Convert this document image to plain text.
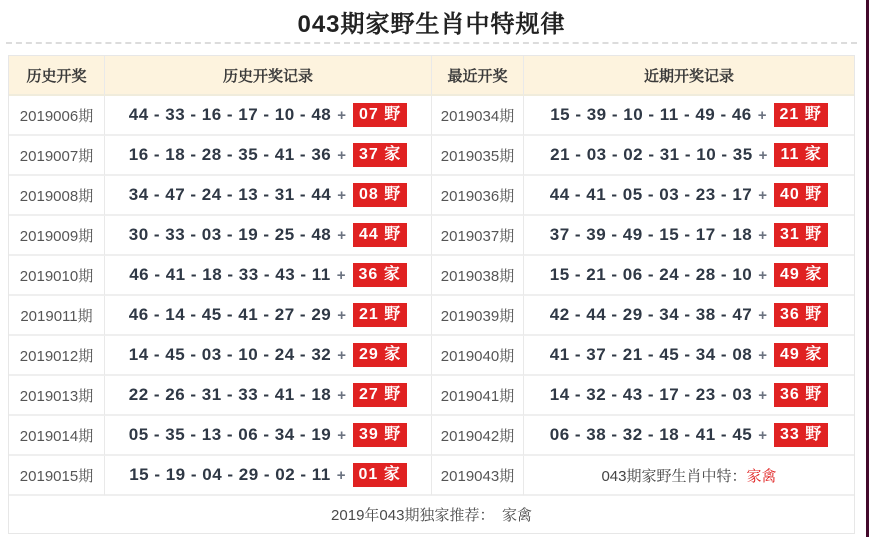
043期家野生肖中特规律
历史开奖	历史开奖记录	最近开奖	近期开奖记录
2019006期	44 - 33 - 16 - 17 - 10 - 48 + 07 野	2019034期	15 - 39 - 10 - 11 - 49 - 46 + 21 野
2019007期	16 - 18 - 28 - 35 - 41 - 36 + 37 家	2019035期	21 - 03 - 02 - 31 - 10 - 35 + 11 家
2019008期	34 - 47 - 24 - 13 - 31 - 44 + 08 野	2019036期	44 - 41 - 05 - 03 - 23 - 17 + 40 野
2019009期	30 - 33 - 03 - 19 - 25 - 48 + 44 野	2019037期	37 - 39 - 49 - 15 - 17 - 18 + 31 野
2019010期	46 - 41 - 18 - 33 - 43 - 11 + 36 家	2019038期	15 - 21 - 06 - 24 - 28 - 10 + 49 家
2019011期	46 - 14 - 45 - 41 - 27 - 29 + 21 野	2019039期	42 - 44 - 29 - 34 - 38 - 47 + 36 野
2019012期	14 - 45 - 03 - 10 - 24 - 32 + 29 家	2019040期	41 - 37 - 21 - 45 - 34 - 08 + 49 家
2019013期	22 - 26 - 31 - 33 - 41 - 18 + 27 野	2019041期	14 - 32 - 43 - 17 - 23 - 03 + 36 野
2019014期	05 - 35 - 13 - 06 - 34 - 19 + 39 野	2019042期	06 - 38 - 32 - 18 - 41 - 45 + 33 野
2019015期	15 - 19 - 04 - 29 - 02 - 11 + 01 家	2019043期	043期家野生肖中特： 家禽
2019年043期独家推荐：　家禽
